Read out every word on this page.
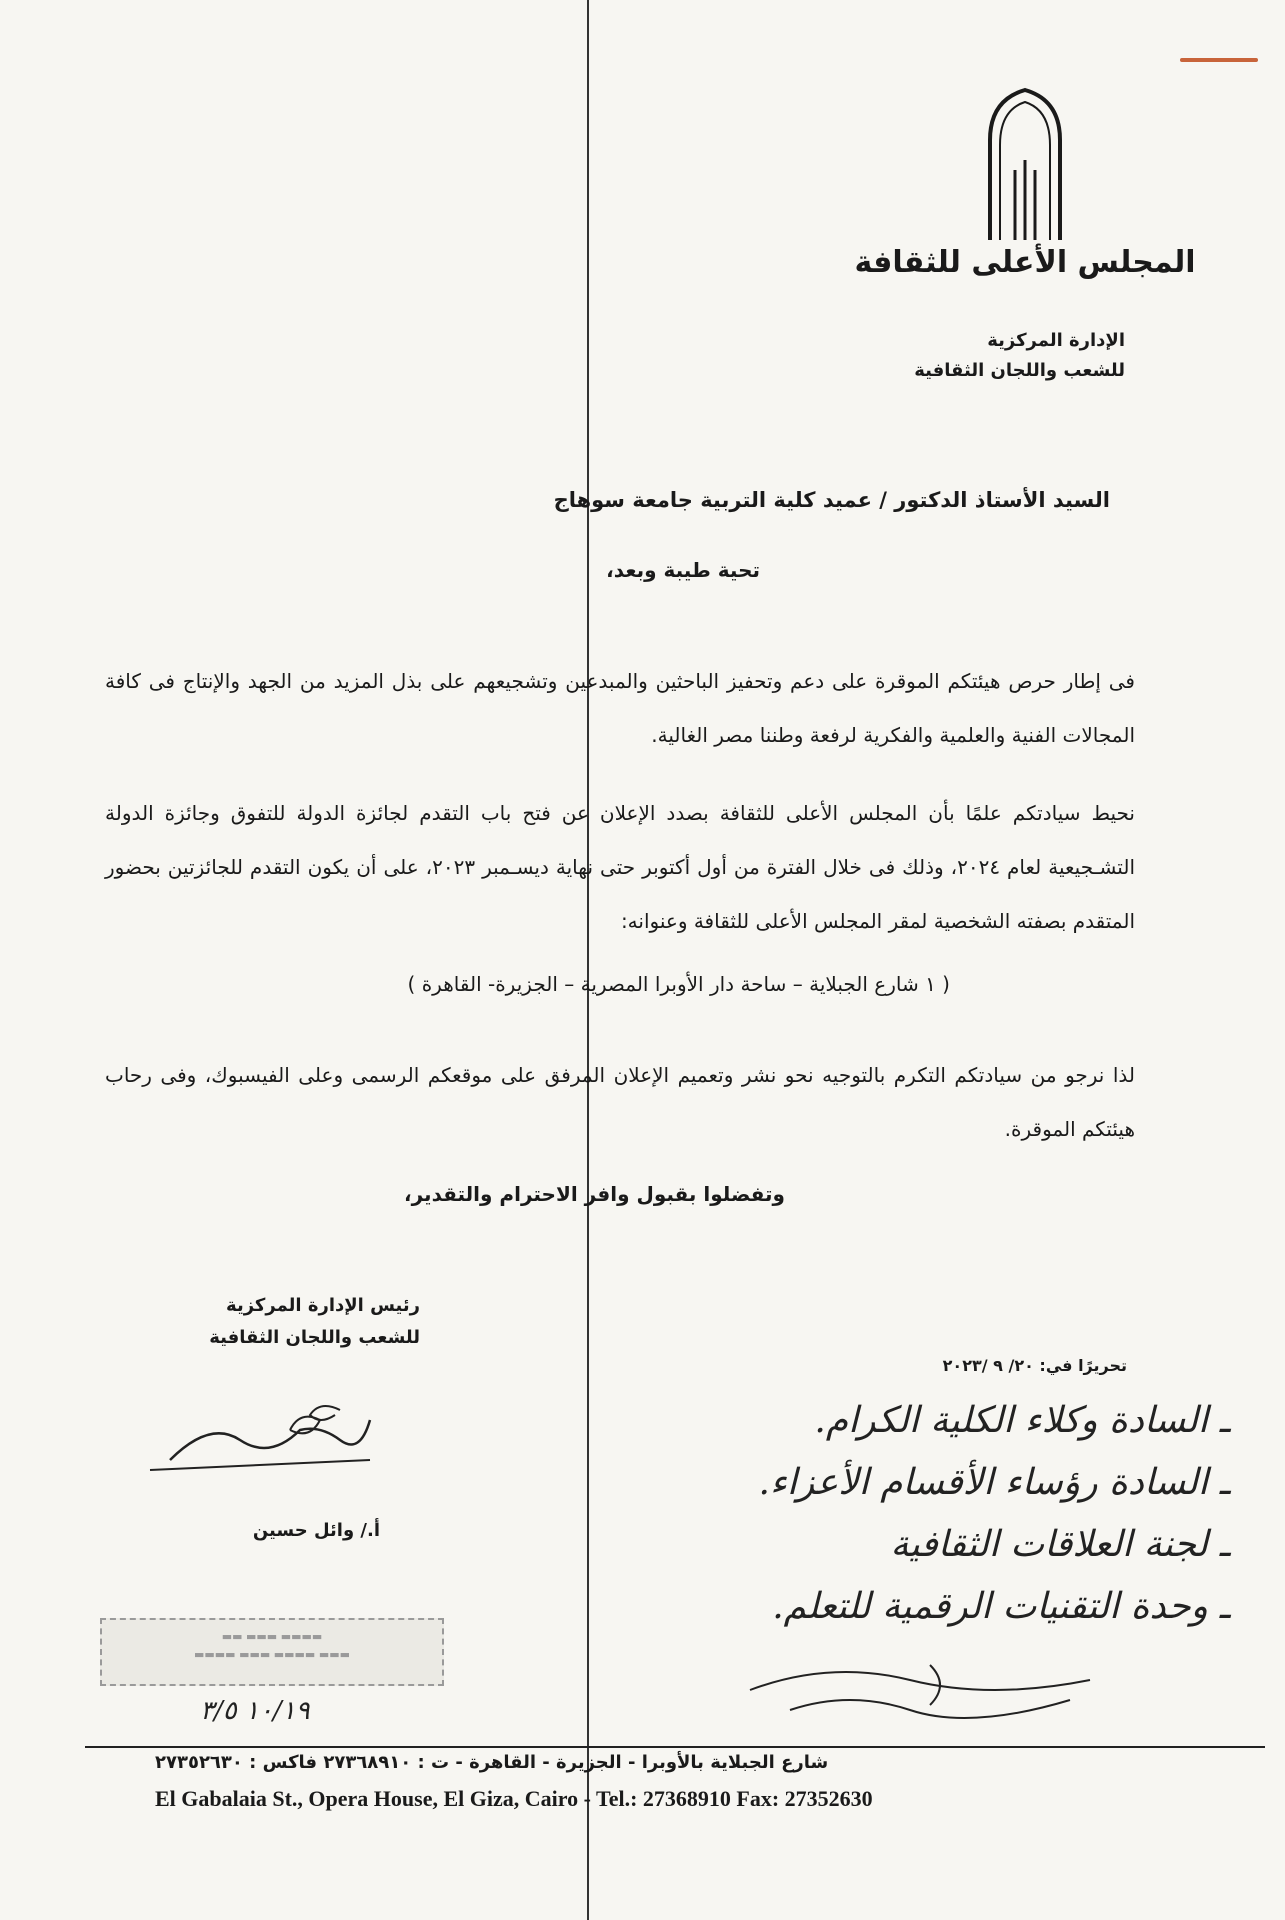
المجلس الأعلى للثقافة
الإدارة المركزية
للشعب واللجان الثقافية
السيد الأستاذ الدكتور / عميد كلية التربية جامعة سوهاج
تحية طيبة وبعد،
فى إطار حرص هيئتكم الموقرة على دعم وتحفيز الباحثين والمبدعين وتشجيعهم على بذل المزيد من الجهد والإنتاج فى كافة المجالات الفنية والعلمية والفكرية لرفعة وطننا مصر الغالية.
نحيط سيادتكم علمًا بأن المجلس الأعلى للثقافة بصدد الإعلان عن فتح باب التقدم لجائزة الدولة للتفوق وجائزة الدولة التشـجيعية لعام ٢٠٢٤، وذلك فى خلال الفترة من أول أكتوبر حتى نهاية ديسـمبر ٢٠٢٣، على أن يكون التقدم للجائزتين بحضور المتقدم بصفته الشخصية لمقر المجلس الأعلى للثقافة وعنوانه:
( ١ شارع الجبلاية – ساحة دار الأوبرا المصرية – الجزيرة- القاهرة )
لذا نرجو من سيادتكم التكرم بالتوجيه نحو نشر وتعميم الإعلان المرفق على موقعكم الرسمى وعلى الفيسبوك، وفى رحاب هيئتكم الموقرة.
وتفضلوا بقبول وافر الاحترام والتقدير،
رئيس الإدارة المركزية
للشعب واللجان الثقافية
أ./ وائل حسين
تحريرًا في: ٢٠/ ٩ /٢٠٢٣
ـ السادة وكلاء الكلية الكرام.
ـ السادة رؤساء الأقسام الأعزاء.
ـ لجنة العلاقات الثقافية
ـ وحدة التقنيات الرقمية للتعلم.
▬▬ ▬▬▬ ▬▬▬▬
▬▬▬▬ ▬▬▬ ▬▬▬▬ ▬▬▬
١٠/١٩ ٣/٥
شارع الجبلاية بالأوبرا - الجزيرة - القاهرة - ت : ٢٧٣٦٨٩١٠ فاكس : ٢٧٣٥٢٦٣٠
El Gabalaia St., Opera House, El Giza, Cairo - Tel.: 27368910 Fax: 27352630
